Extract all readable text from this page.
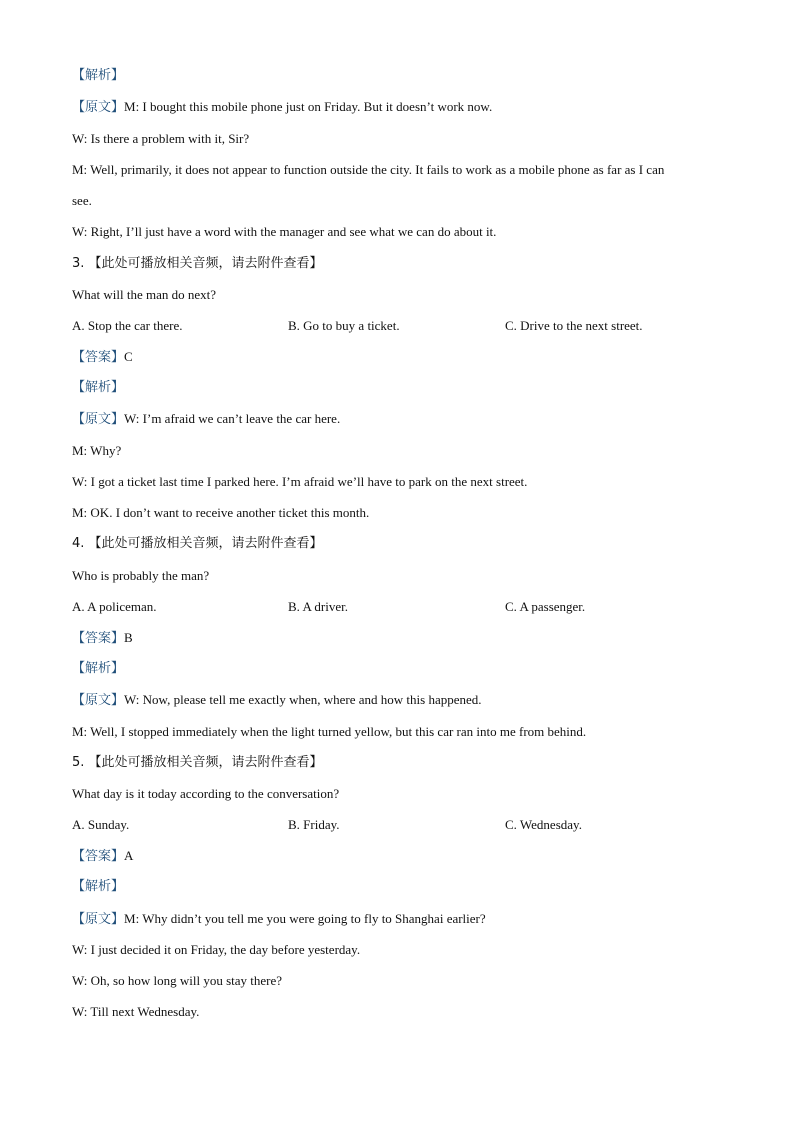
【解析】
【原文】M: I bought this mobile phone just on Friday. But it doesn’t work now.
W: Is there a problem with it, Sir?
M: Well, primarily, it does not appear to function outside the city. It fails to work as a mobile phone as far as I can
see.
W: Right, I’ll just have a word with the manager and see what we can do about it.
3. 【此处可播放相关音频，请去附件查看】
What will the man do next?
A. Stop the car there.	B. Go to buy a ticket.	C. Drive to the next street.
【答案】C
【解析】
【原文】W: I’m afraid we can’t leave the car here.
M: Why?
W: I got a ticket last time I parked here. I’m afraid we’ll have to park on the next street.
M: OK. I don’t want to receive another ticket this month.
4. 【此处可播放相关音频，请去附件查看】
Who is probably the man?
A. A policeman.	B. A driver.	C. A passenger.
【答案】B
【解析】
【原文】W: Now, please tell me exactly when, where and how this happened.
M: Well, I stopped immediately when the light turned yellow, but this car ran into me from behind.
5. 【此处可播放相关音频，请去附件查看】
What day is it today according to the conversation?
A. Sunday.	B. Friday.	C. Wednesday.
【答案】A
【解析】
【原文】M: Why didn’t you tell me you were going to fly to Shanghai earlier?
W: I just decided it on Friday, the day before yesterday.
W: Oh, so how long will you stay there?
W: Till next Wednesday.
